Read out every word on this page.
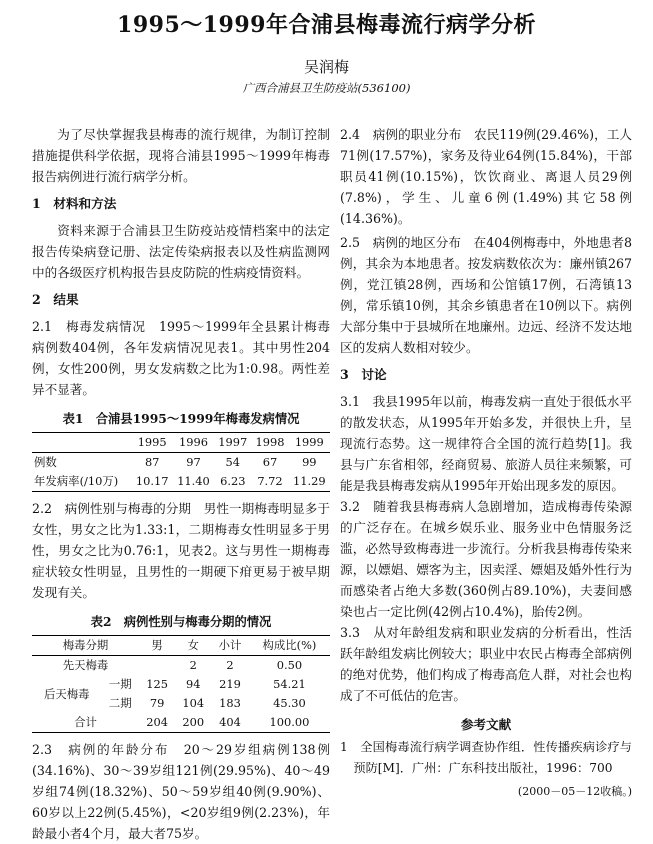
1995～1999年合浦县梅毒流行病学分析
吴润梅
广西合浦县卫生防疫站(536100)

为了尽快掌握我县梅毒的流行规律，为制订控制措施提供科学依据，现将合浦县1995～1999年梅毒报告病例进行流行病学分析。

1　材料和方法

资料来源于合浦县卫生防疫站疫情档案中的法定报告传染病登记册、法定传染病报表以及性病监测网中的各级医疗机构报告县皮防院的性病疫情资料。

2　结果

2.1　梅毒发病情况　1995～1999年全县累计梅毒病例数404例，各年发病情况见表1。其中男性204例，女性200例，男女发病数之比为1:0.98。两性差异不显著。

表1　合浦县1995～1999年梅毒发病情况

	1995	1996	1997	1998	1999
例数	87	97	54	67	99
年发病率(/10万)	10.17	11.40	6.23	7.72	11.29

2.2　病例性别与梅毒的分期　男性一期梅毒明显多于女性，男女之比为1.33:1，二期梅毒女性明显多于男性，男女之比为0.76:1，见表2。这与男性一期梅毒症状较女性明显，且男性的一期硬下疳更易于被早期发现有关。

表2　病例性别与梅毒分期的情况

梅毒分期		男	女	小计	构成比(%)
先天梅毒			2	2	0.50
后天梅毒	一期	125	94	219	54.21
	二期	79	104	183	45.30
合计		204	200	404	100.00

2.3　病例的年龄分布　20～29岁组病例138例(34.16%)、30～39岁组121例(29.95%)、40～49岁组74例(18.32%)、50～59岁组40例(9.90%)、60岁以上22例(5.45%)，<20岁组9例(2.23%)，年龄最小者4个月，最大者75岁。

2.4　病例的职业分布　农民119例(29.46%)，工人71例(17.57%)，家务及待业64例(15.84%)，干部职员41例(10.15%)，饮饮商业、离退人员29例(7.8%)，学生、儿童6例(1.49%)其它58例(14.36%)。

2.5　病例的地区分布　在404例梅毒中，外地患者8例，其余为本地患者。按发病数依次为：廉州镇267例，党江镇28例，西场和公馆镇17例，石湾镇13例，常乐镇10例，其余乡镇患者在10例以下。病例大部分集中于县城所在地廉州。边远、经济不发达地区的发病人数相对较少。

3　讨论

3.1　我县1995年以前，梅毒发病一直处于很低水平的散发状态，从1995年开始多发，并很快上升，呈现流行态势。这一规律符合全国的流行趋势[1]。我县与广东省相邻，经商贸易、旅游人员往来频繁，可能是我县梅毒发病从1995年开始出现多发的原因。

3.2　随着我县梅毒病人急剧增加，造成梅毒传染源的广泛存在。在城乡娱乐业、服务业中色情服务泛滥，必然导致梅毒进一步流行。分析我县梅毒传染来源，以嫖娼、嫖客为主，因卖淫、嫖娼及婚外性行为而感染者占绝大多数(360例占89.10%)，夫妻间感染也占一定比例(42例占10.4%)，胎传2例。

3.3　从对年龄组发病和职业发病的分析看出，性活跃年龄组发病比例较大；职业中农民占梅毒全部病例的绝对优势，他们构成了梅毒高危人群，对社会也构成了不可低估的危害。

参考文献

1　全国梅毒流行病学调查协作组．性传播疾病诊疗与预防[M]．广州：广东科技出版社，1996：700

(2000－05－12收稿。)
